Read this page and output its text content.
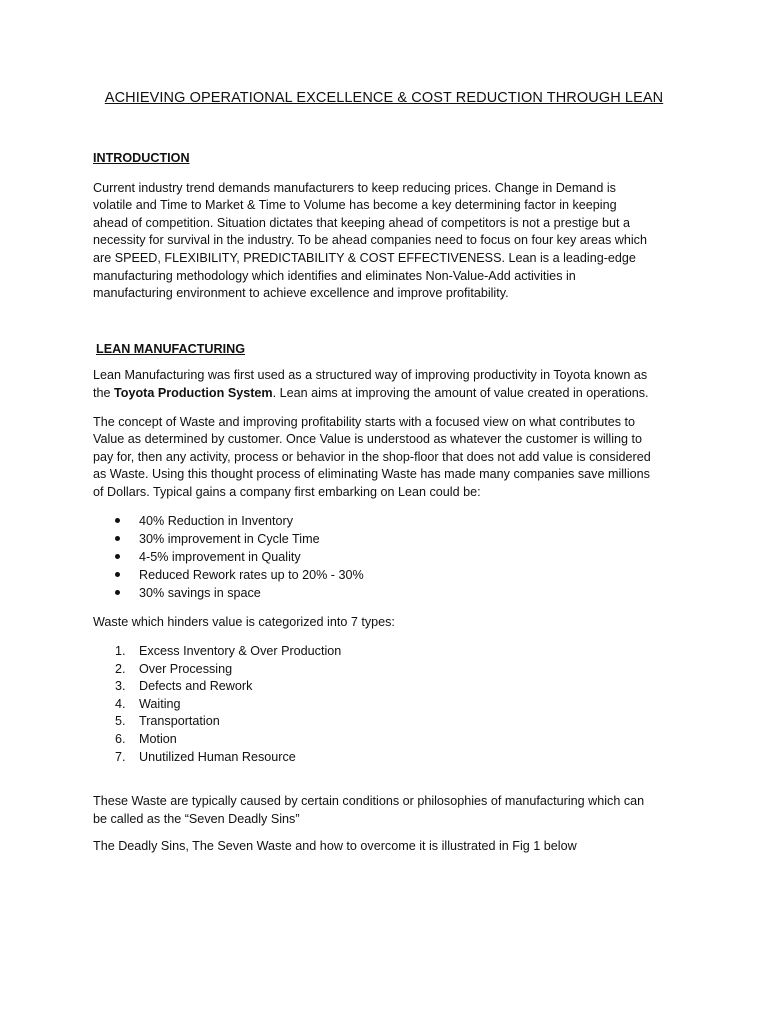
ACHIEVING OPERATIONAL EXCELLENCE & COST REDUCTION THROUGH LEAN

INTRODUCTION

Current industry trend demands manufacturers to keep reducing prices. Change in Demand is
volatile and Time to Market & Time to Volume has become a key determining factor in keeping
ahead of competition. Situation dictates that keeping ahead of competitors is not a prestige but a
necessity for survival in the industry. To be ahead companies need to focus on four key areas which
are SPEED, FLEXIBILITY, PREDICTABILITY & COST EFFECTIVENESS. Lean is a leading-edge
manufacturing methodology which identifies and eliminates Non-Value-Add activities in
manufacturing environment to achieve excellence and improve profitability.

LEAN MANUFACTURING

Lean Manufacturing was first used as a structured way of improving productivity in Toyota known as
the Toyota Production System. Lean aims at improving the amount of value created in operations.
The concept of Waste and improving profitability starts with a focused view on what contributes to
Value as determined by customer. Once Value is understood as whatever the customer is willing to
pay for, then any activity, process or behavior in the shop-floor that does not add value is considered
as Waste. Using this thought process of eliminating Waste has made many companies save millions
of Dollars. Typical gains a company first embarking on Lean could be:
40% Reduction in Inventory
30% improvement in Cycle Time
4-5% improvement in Quality
Reduced Rework rates up to 20% - 30%
30% savings in space
Waste which hinders value is categorized into 7 types:
1. Excess Inventory & Over Production
2. Over Processing
3. Defects and Rework
4. Waiting
5. Transportation
6. Motion
7. Unutilized Human Resource
These Waste are typically caused by certain conditions or philosophies of manufacturing which can
be called as the “Seven Deadly Sins”
The Deadly Sins, The Seven Waste and how to overcome it is illustrated in Fig 1 below
